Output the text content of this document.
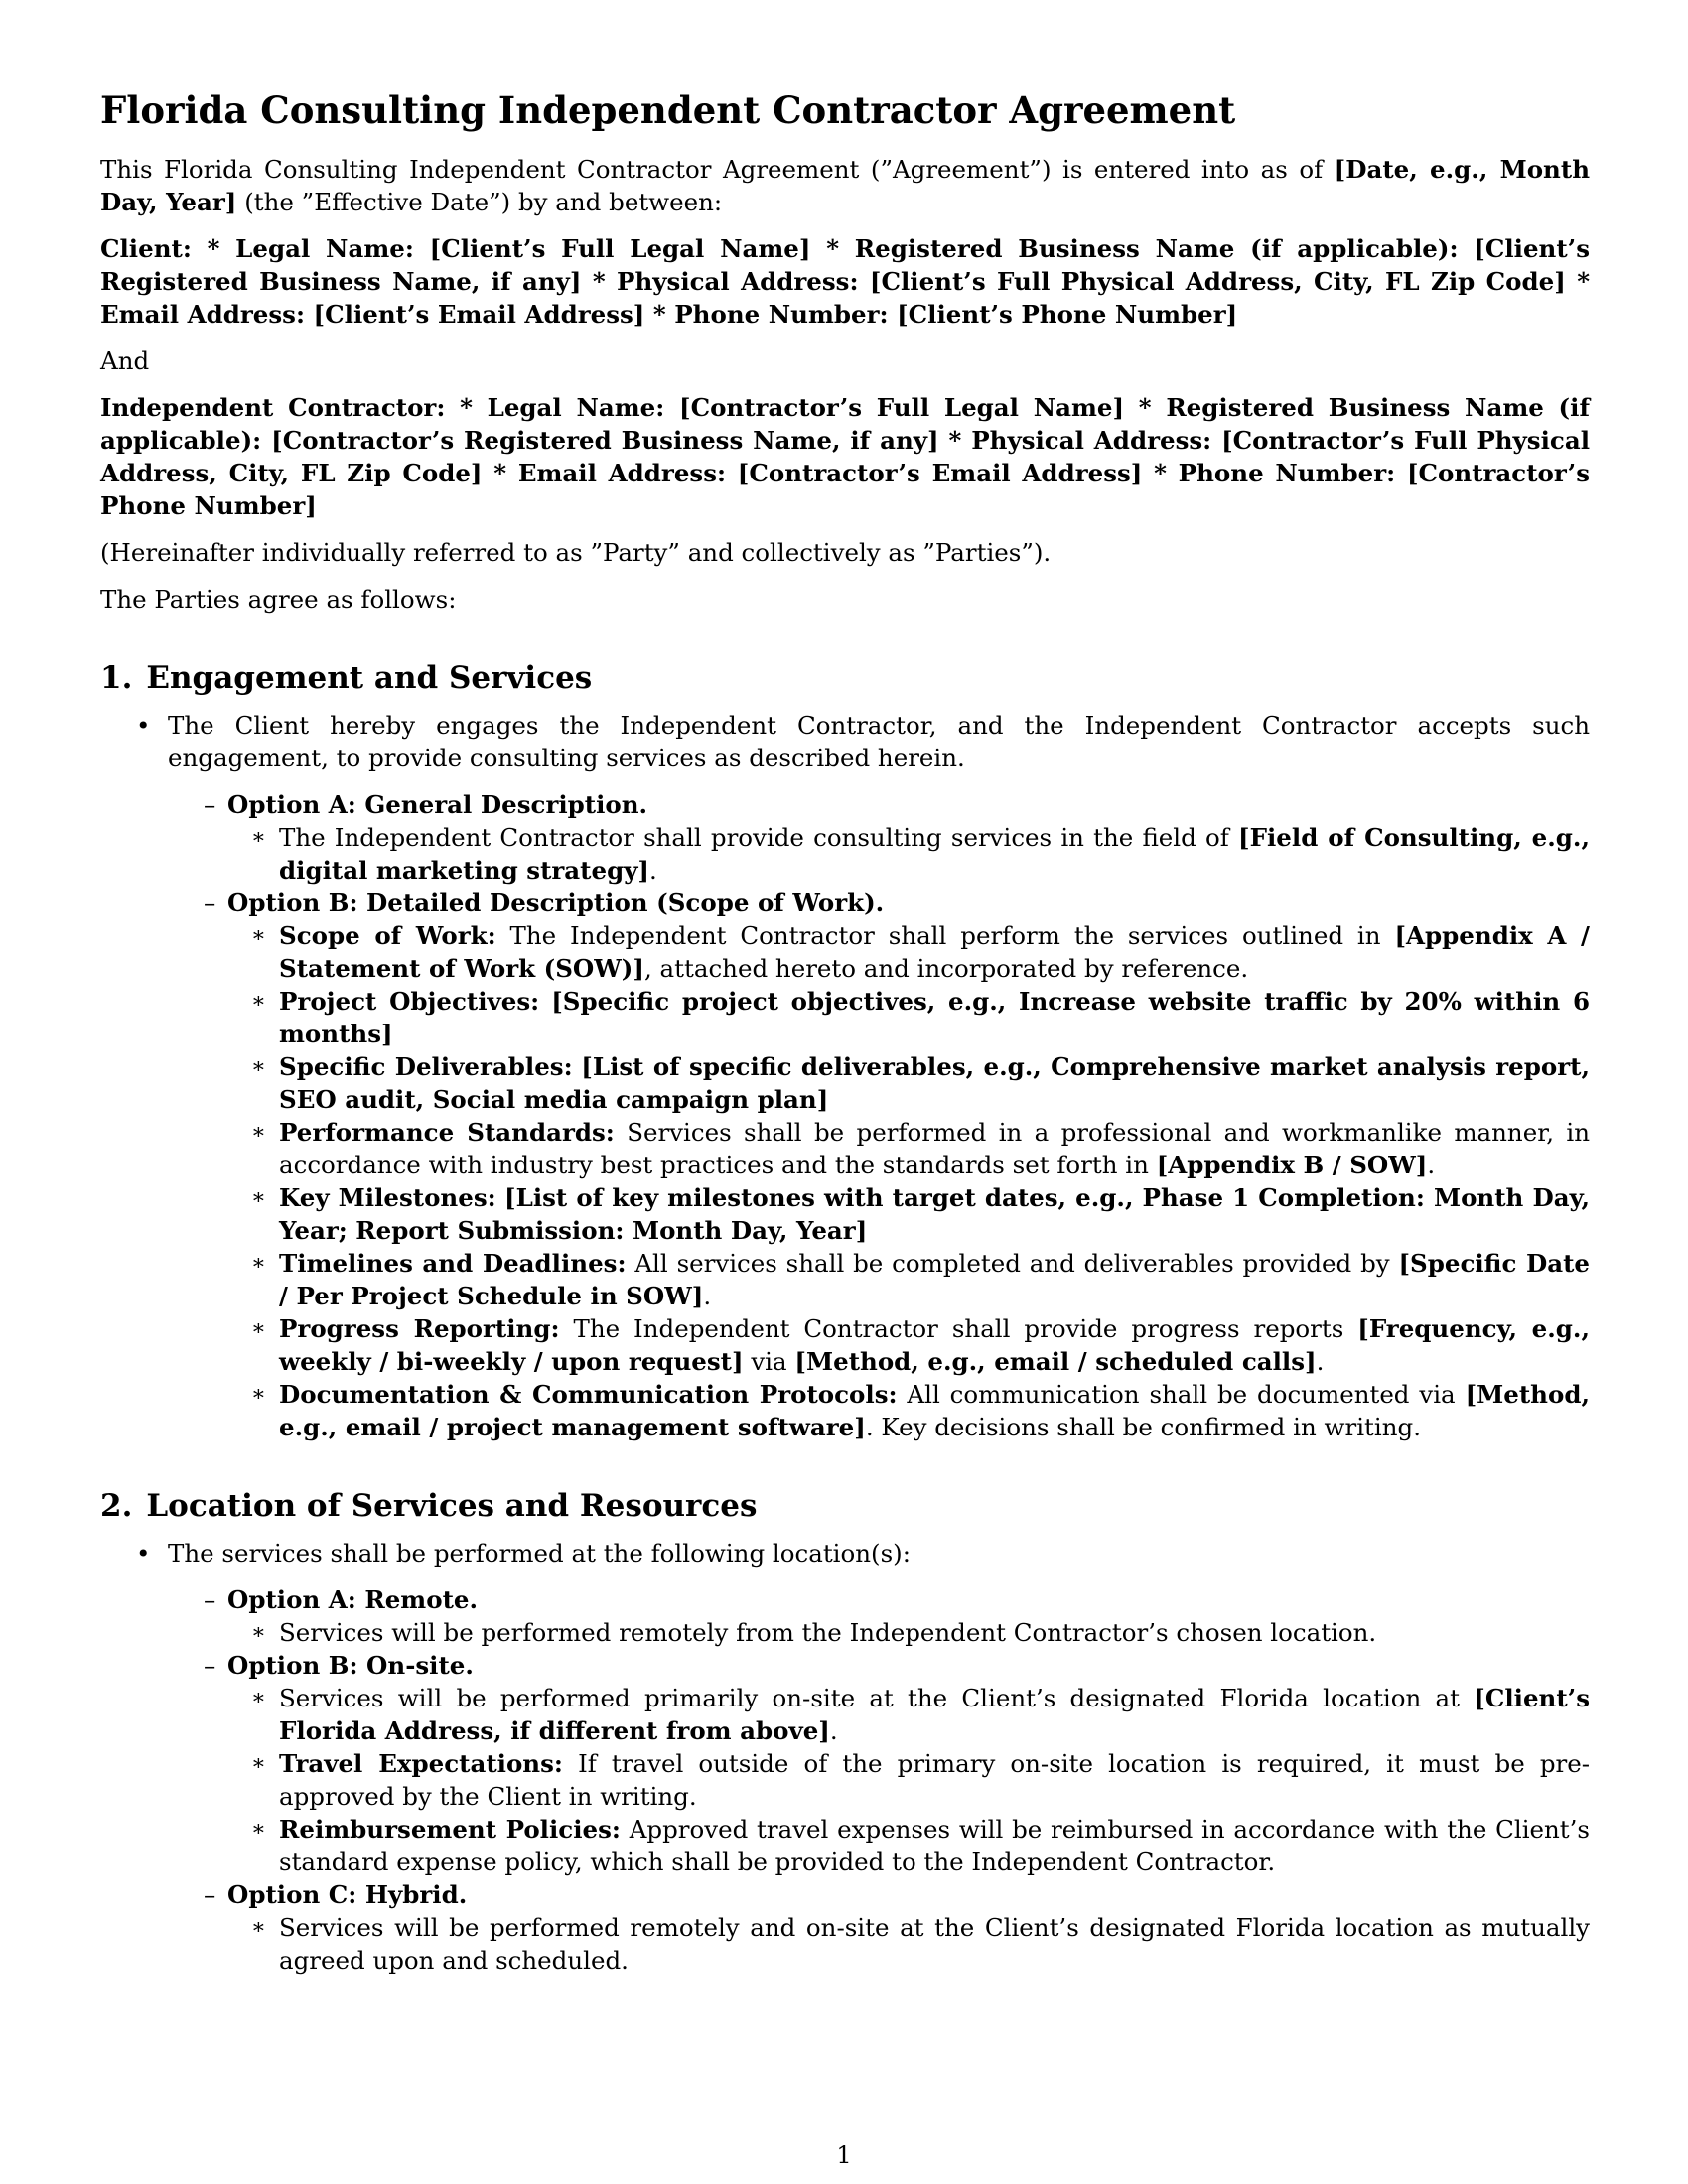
Florida Consulting Independent Contractor Agreement

This Florida Consulting Independent Contractor Agreement (”Agreement”) is entered into as of [Date, e.g., Month Day, Year] (the ”Effective Date”) by and between:

Client: * Legal Name: [Client’s Full Legal Name] * Registered Business Name (if applicable): [Client’s Registered Business Name, if any] * Physical Address: [Client’s Full Physical Address, City, FL Zip Code] * Email Address: [Client’s Email Address] * Phone Number: [Client’s Phone Number]

And

Independent Contractor: * Legal Name: [Contractor’s Full Legal Name] * Registered Business Name (if applicable): [Contractor’s Registered Business Name, if any] * Physical Address: [Contractor’s Full Physical Address, City, FL Zip Code] * Email Address: [Contractor’s Email Address] * Phone Number: [Contractor’s Phone Number]

(Hereinafter individually referred to as ”Party” and collectively as ”Parties”).

The Parties agree as follows:

1. Engagement and Services
• The Client hereby engages the Independent Contractor, and the Independent Contractor accepts such engagement, to provide consulting services as described herein.
– Option A: General Description.
∗ The Independent Contractor shall provide consulting services in the field of [Field of Consulting, e.g., digital marketing strategy].
– Option B: Detailed Description (Scope of Work).
∗ Scope of Work: The Independent Contractor shall perform the services outlined in [Appendix A / Statement of Work (SOW)], attached hereto and incorporated by reference.
∗ Project Objectives: [Specific project objectives, e.g., Increase website traffic by 20% within 6 months]
∗ Specific Deliverables: [List of specific deliverables, e.g., Comprehensive market analysis report, SEO audit, Social media campaign plan]
∗ Performance Standards: Services shall be performed in a professional and workmanlike manner, in accordance with industry best practices and the standards set forth in [Appendix B / SOW].
∗ Key Milestones: [List of key milestones with target dates, e.g., Phase 1 Completion: Month Day, Year; Report Submission: Month Day, Year]
∗ Timelines and Deadlines: All services shall be completed and deliverables provided by [Specific Date / Per Project Schedule in SOW].
∗ Progress Reporting: The Independent Contractor shall provide progress reports [Frequency, e.g., weekly / bi-weekly / upon request] via [Method, e.g., email / scheduled calls].
∗ Documentation & Communication Protocols: All communication shall be documented via [Method, e.g., email / project management software]. Key decisions shall be confirmed in writing.
2. Location of Services and Resources
• The services shall be performed at the following location(s):
– Option A: Remote.
∗ Services will be performed remotely from the Independent Contractor’s chosen location.
– Option B: On-site.
∗ Services will be performed primarily on-site at the Client’s designated Florida location at [Client’s Florida Address, if different from above].
∗ Travel Expectations: If travel outside of the primary on-site location is required, it must be pre-approved by the Client in writing.
∗ Reimbursement Policies: Approved travel expenses will be reimbursed in accordance with the Client’s standard expense policy, which shall be provided to the Independent Contractor.
– Option C: Hybrid.
∗ Services will be performed remotely and on-site at the Client’s designated Florida location as mutually agreed upon and scheduled.
1
